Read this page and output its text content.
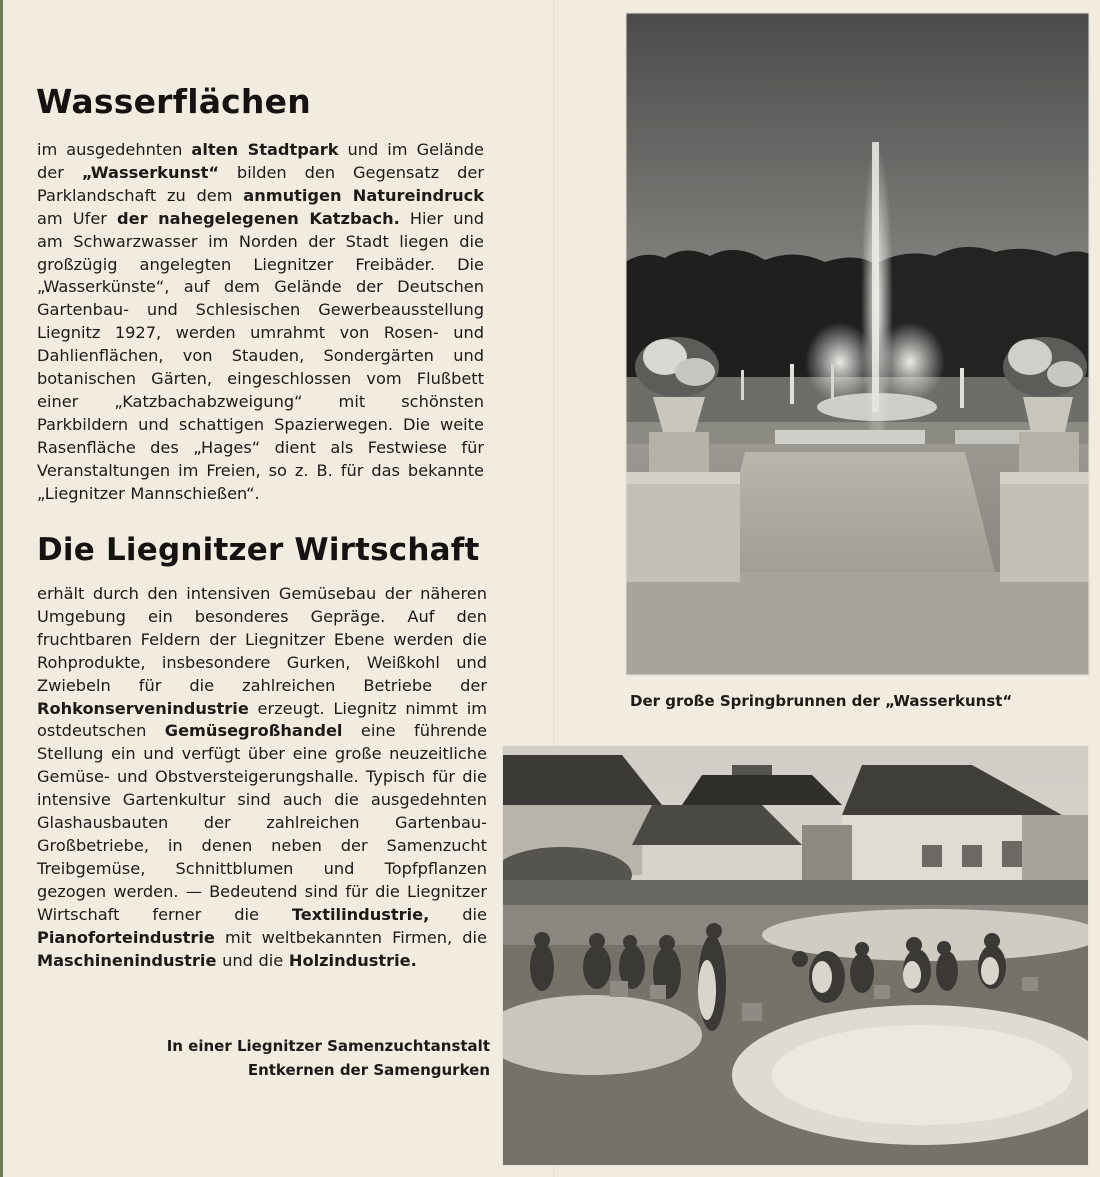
Wasserflächen

im ausgedehnten alten Stadtpark und im Gelände der „Wasserkunst“ bilden den Gegensatz der Parklandschaft zu dem anmutigen Natureindruck am Ufer der nahegelegenen Katzbach. Hier und am Schwarzwasser im Norden der Stadt liegen die großzügig angelegten Liegnitzer Freibäder. Die „Wasserkünste“, auf dem Gelände der Deutschen Gartenbau- und Schlesischen Gewerbeausstellung Liegnitz 1927, werden umrahmt von Rosen- und Dahlienflächen, von Stauden, Sondergärten und botanischen Gärten, eingeschlossen vom Flußbett einer „Katzbachabzweigung“ mit schönsten Parkbildern und schattigen Spazierwegen. Die weite Rasenfläche des „Hages“ dient als Festwiese für Veranstaltungen im Freien, so z. B. für das bekannte „Liegnitzer Mannschießen“.

Die Liegnitzer Wirtschaft

erhält durch den intensiven Gemüsebau der näheren Umgebung ein besonderes Gepräge. Auf den fruchtbaren Feldern der Liegnitzer Ebene werden die Rohprodukte, insbesondere Gurken, Weißkohl und Zwiebeln für die zahlreichen Betriebe der Rohkonservenindustrie erzeugt. Liegnitz nimmt im ostdeutschen Gemüsegroßhandel eine führende Stellung ein und verfügt über eine große neuzeitliche Gemüse- und Obstversteigerungshalle. Typisch für die intensive Gartenkultur sind auch die ausgedehnten Glashausbauten der zahlreichen Gartenbau-Großbetriebe, in denen neben der Samenzucht Treibgemüse, Schnittblumen und Topfpflanzen gezogen werden. — Bedeutend sind für die Liegnitzer Wirtschaft ferner die Textilindustrie, die Pianoforteindustrie mit weltbekannten Firmen, die Maschinenindustrie und die Holzindustrie.

Der große Springbrunnen der „Wasserkunst“

In einer Liegnitzer Samenzuchtanstalt
Entkernen der Samengurken
